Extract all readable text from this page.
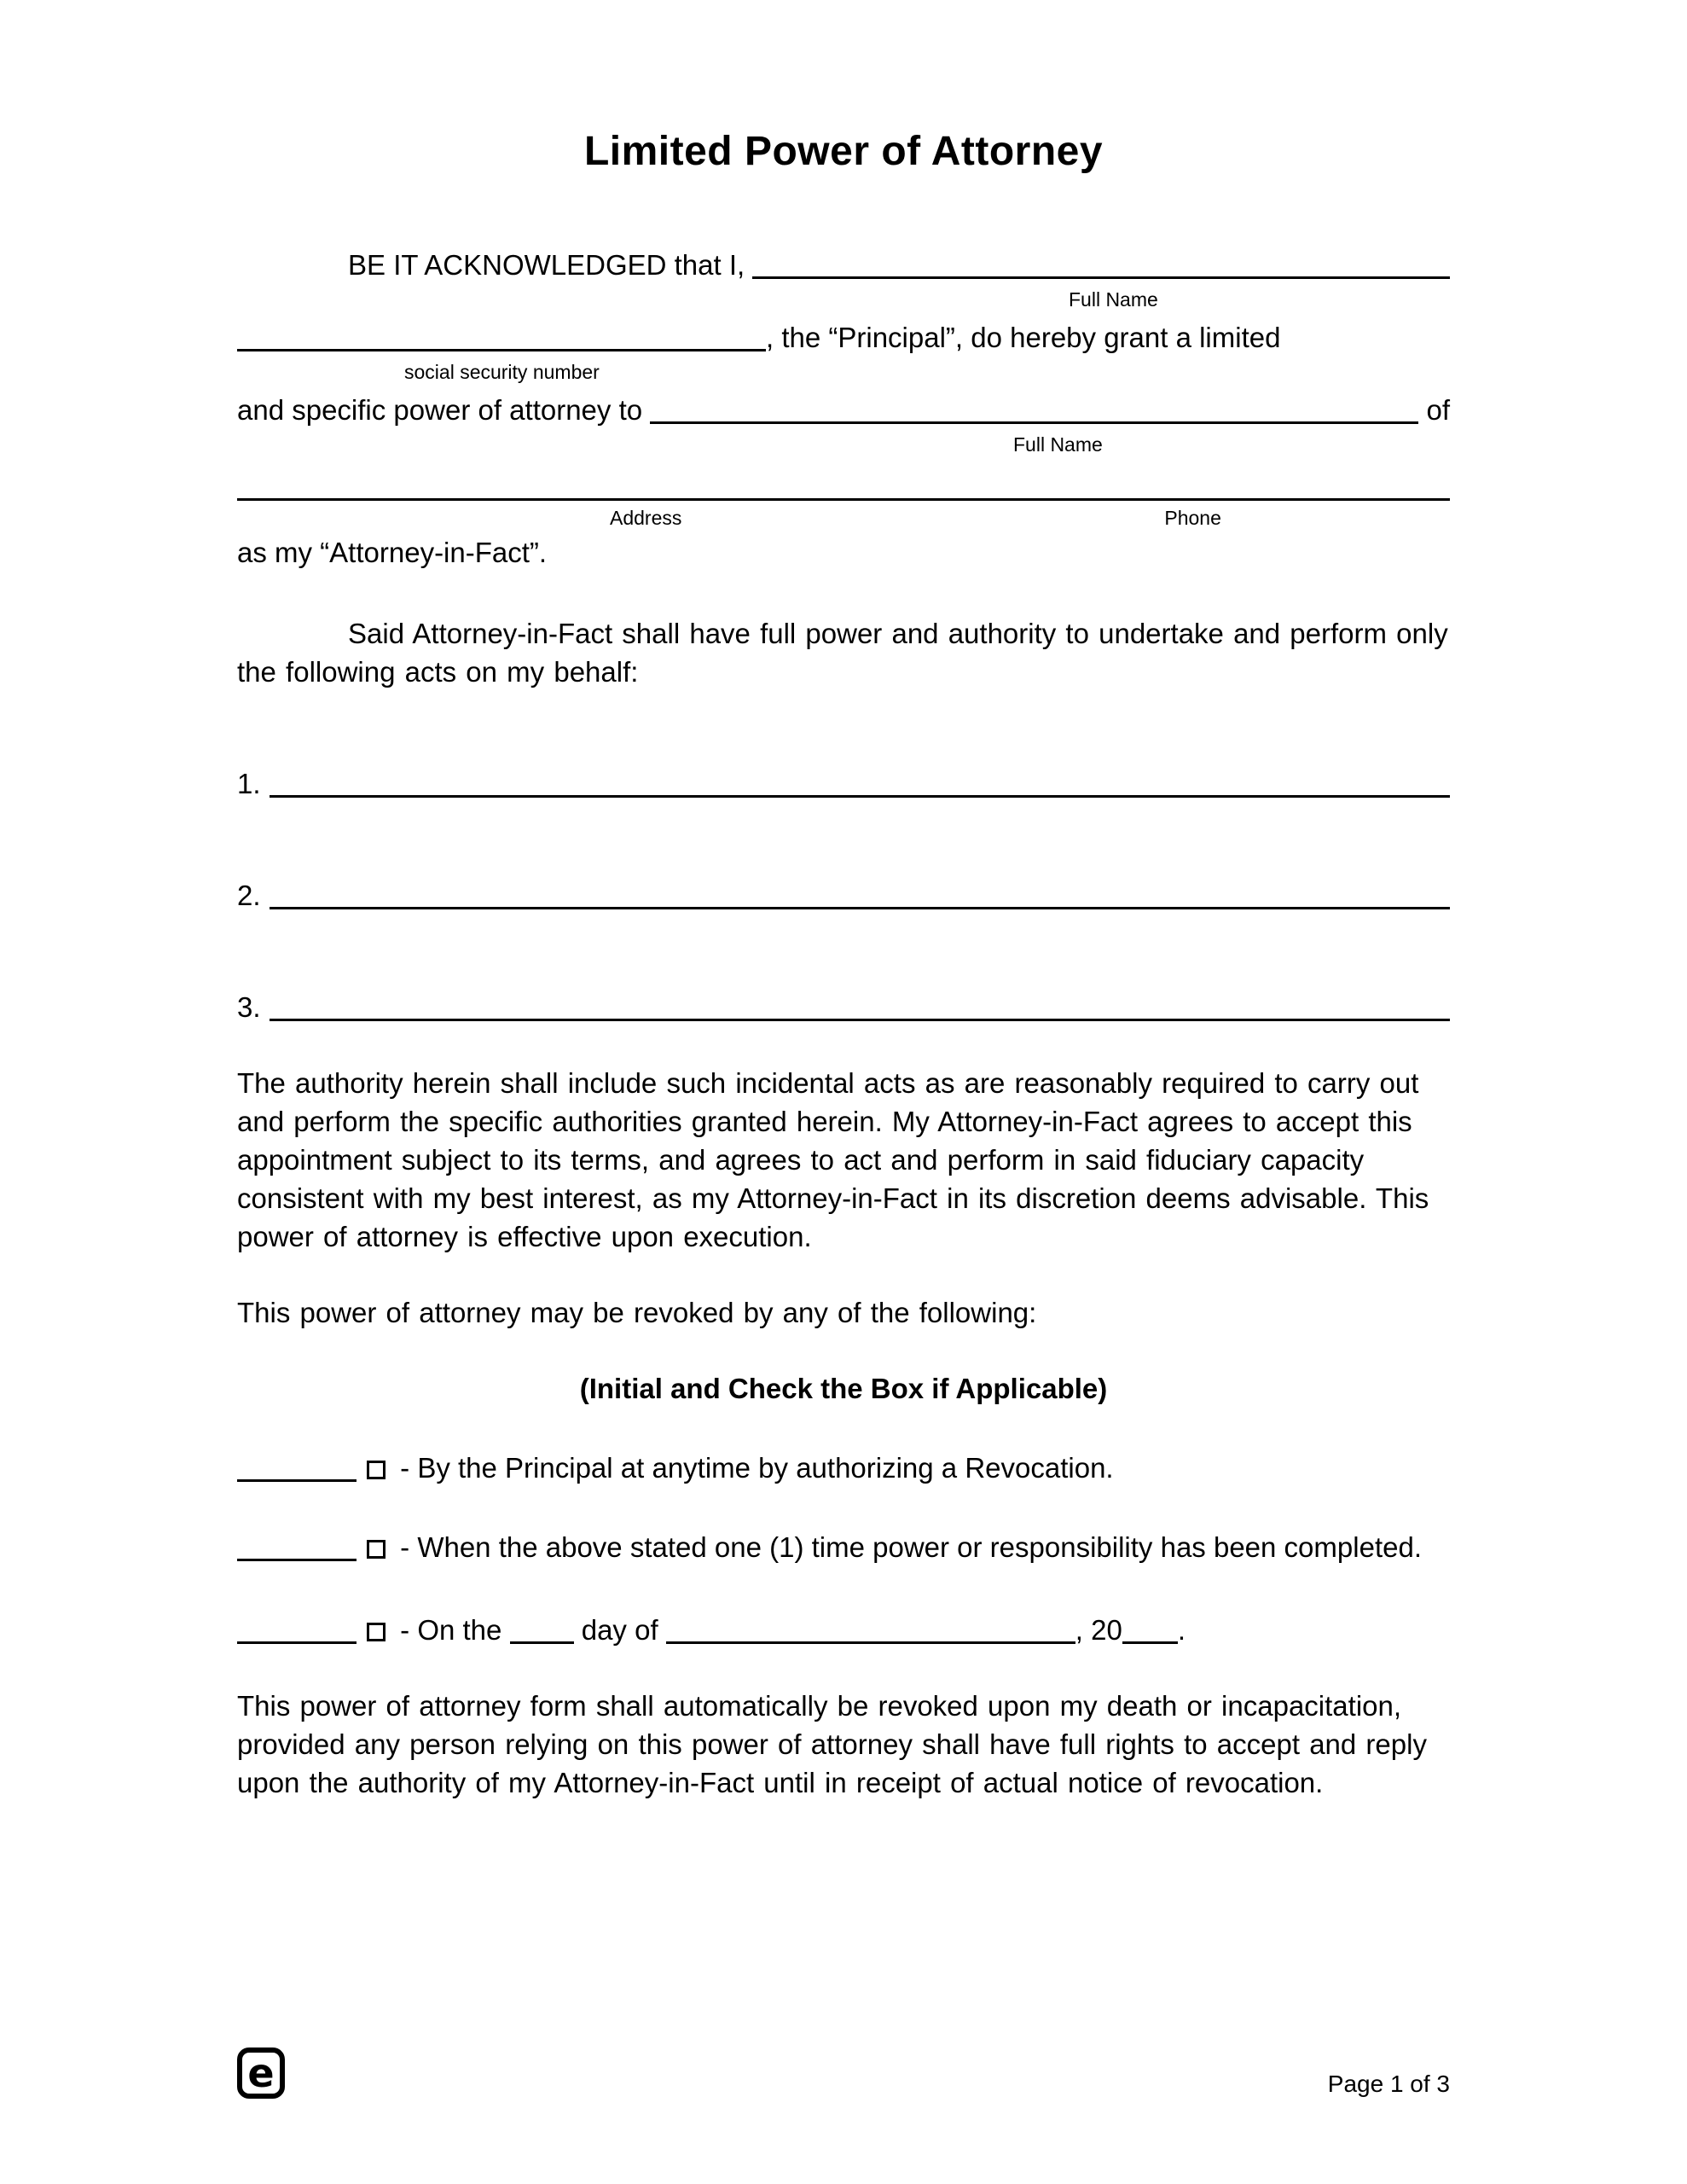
Limited Power of Attorney
BE IT ACKNOWLEDGED that I,
Full Name
, the “Principal”, do hereby grant a limited
social security number
and specific power of attorney to	of
Full Name
Address	Phone
as my “Attorney-in-Fact”.

Said Attorney-in-Fact shall have full power and authority to undertake and perform only the following acts on my behalf:

1.
2.
3.

The authority herein shall include such incidental acts as are reasonably required to carry out and perform the specific authorities granted herein. My Attorney-in-Fact agrees to accept this appointment subject to its terms, and agrees to act and perform in said fiduciary capacity consistent with my best interest, as my Attorney-in-Fact in its discretion deems advisable. This power of attorney is effective upon execution.

This power of attorney may be revoked by any of the following:

(Initial and Check the Box if Applicable)
- By the Principal at anytime by authorizing a Revocation.
- When the above stated one (1) time power or responsibility has been completed.
- On the  day of	, 20 .

This power of attorney form shall automatically be revoked upon my death or incapacitation, provided any person relying on this power of attorney shall have full rights to accept and reply upon the authority of my Attorney-in-Fact until in receipt of actual notice of revocation.

e	Page 1 of 3
